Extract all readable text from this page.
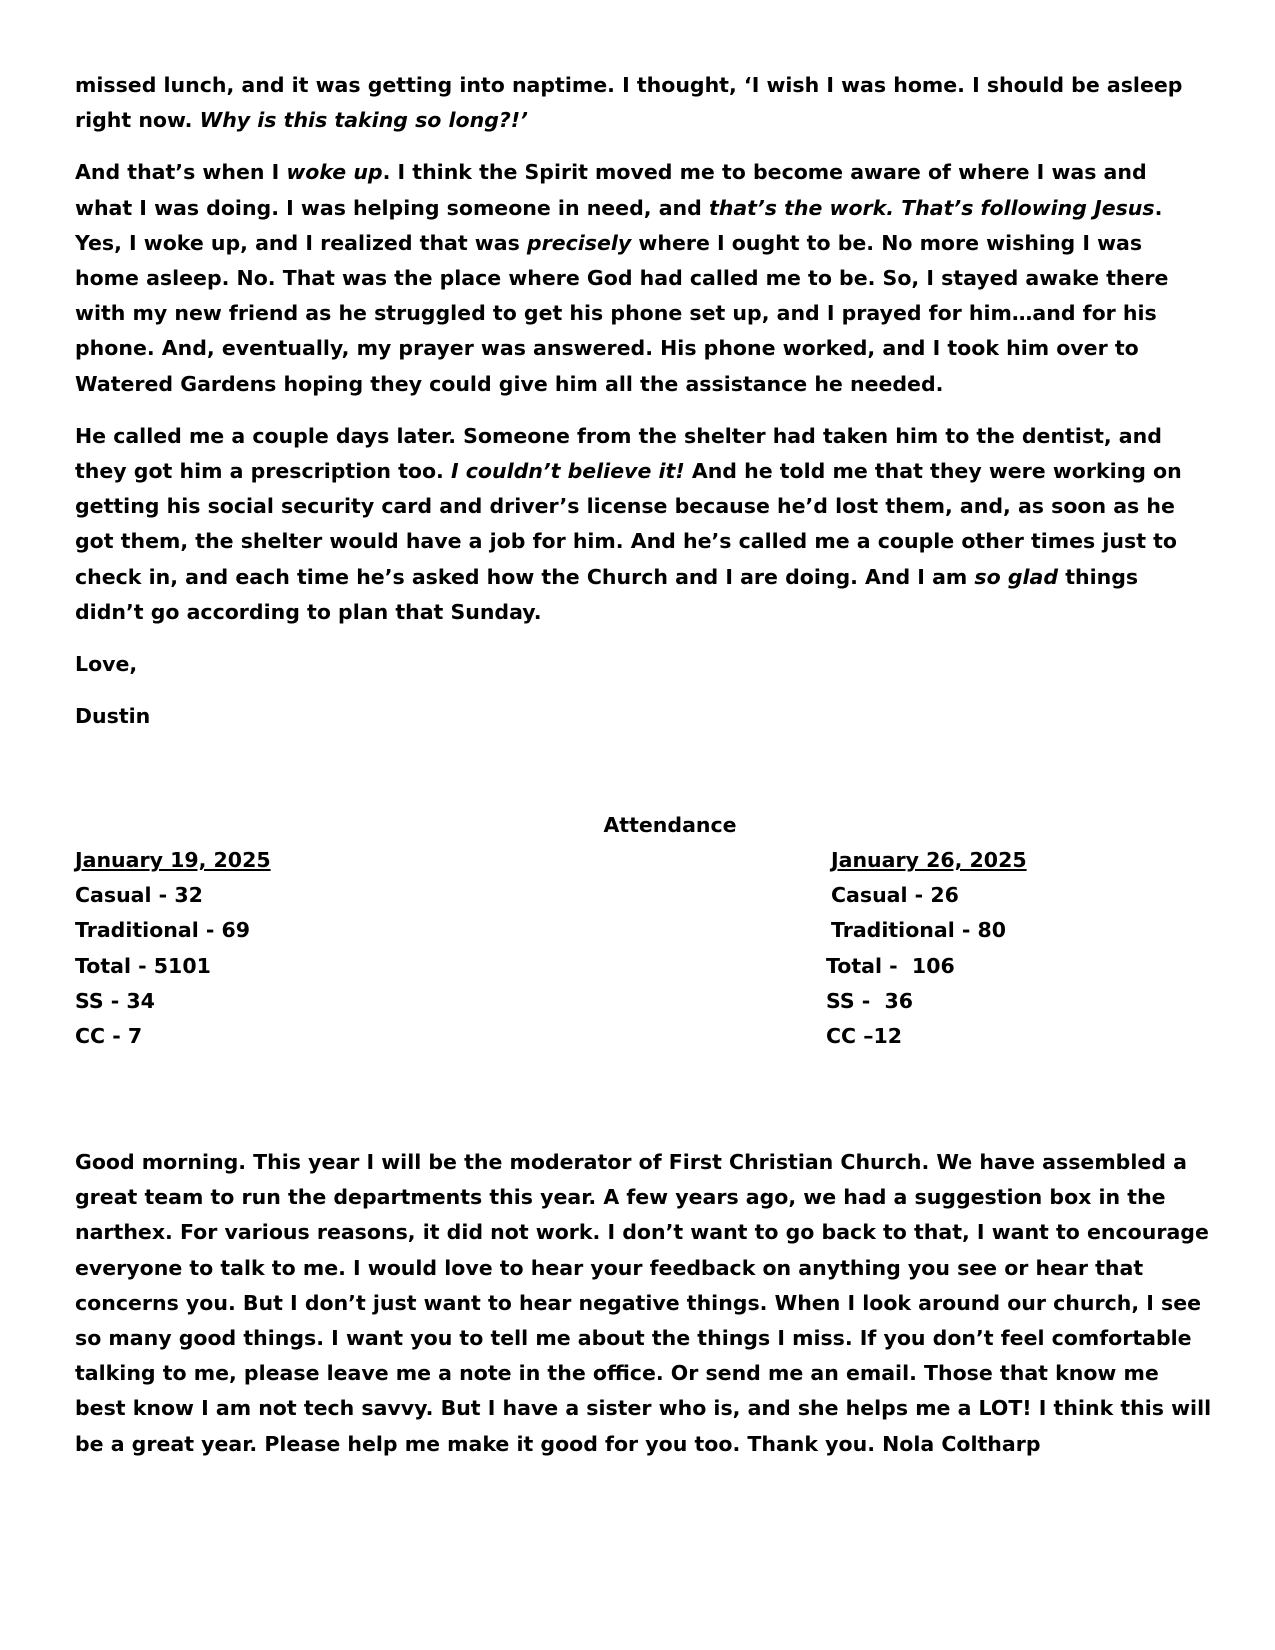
missed lunch, and it was getting into naptime. I thought, ‘I wish I was home. I should be asleep right now. Why is this taking so long?!’

And that’s when I woke up. I think the Spirit moved me to become aware of where I was and what I was doing. I was helping someone in need, and that’s the work. That’s following Jesus. Yes, I woke up, and I realized that was precisely where I ought to be. No more wishing I was home asleep. No. That was the place where God had called me to be. So, I stayed awake there with my new friend as he struggled to get his phone set up, and I prayed for him…and for his phone. And, eventually, my prayer was answered. His phone worked, and I took him over to Watered Gardens hoping they could give him all the assistance he needed.

He called me a couple days later. Someone from the shelter had taken him to the dentist, and they got him a prescription too. I couldn’t believe it! And he told me that they were working on getting his social security card and driver’s license because he’d lost them, and, as soon as he got them, the shelter would have a job for him. And he’s called me a couple other times just to check in, and each time he’s asked how the Church and I are doing. And I am so glad things didn’t go according to plan that Sunday.

Love,

Dustin

Attendance
January 19, 2025
Casual - 32
Traditional - 69
Total - 5101
SS - 34
CC - 7
January 26, 2025
Casual - 26
Traditional - 80
Total -  106
SS -  36
CC –12

Good morning. This year I will be the moderator of First Christian Church. We have assembled a great team to run the departments this year. A few years ago, we had a suggestion box in the narthex. For various reasons, it did not work. I don’t want to go back to that, I want to encourage everyone to talk to me. I would love to hear your feedback on anything you see or hear that concerns you. But I don’t just want to hear negative things. When I look around our church, I see so many good things. I want you to tell me about the things I miss. If you don’t feel comfortable talking to me, please leave me a note in the office. Or send me an email. Those that know me best know I am not tech savvy. But I have a sister who is, and she helps me a LOT! I think this will be a great year. Please help me make it good for you too. Thank you. Nola Coltharp
